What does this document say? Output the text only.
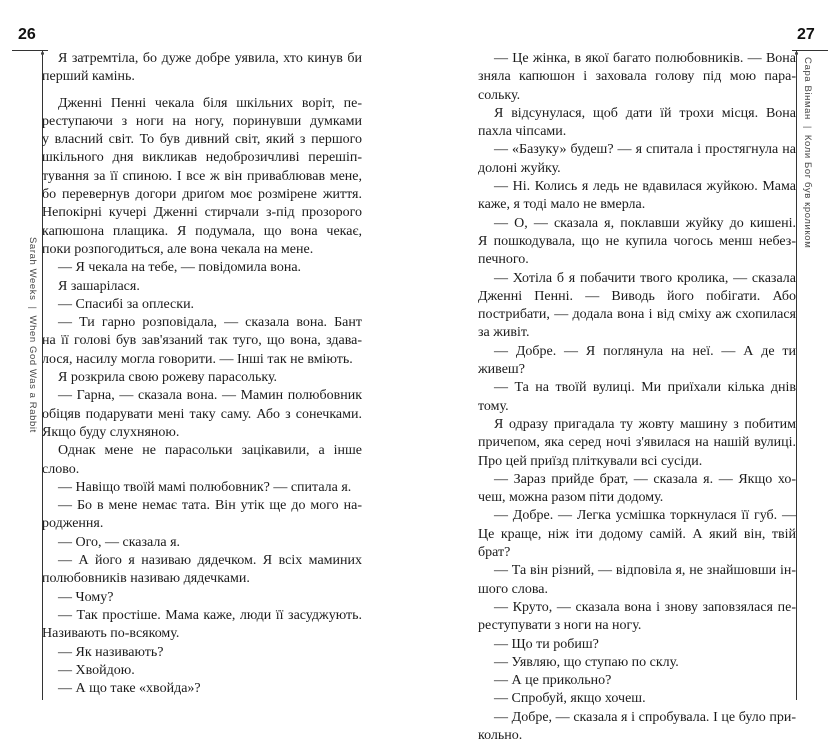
26
Sarah Weeks|When God Was a Rabbit

Я затремтіла, бо дуже добре уявила, хто кинув би

перший камінь.

Дженні Пенні чекала біля шкільних воріт, пе-

реступаючи з ноги на ногу, поринувши думками

у власний світ. То був дивний світ, який з першого

шкільного дня викликав недоброзичливі перешіп-

тування за її спиною. І все ж він приваблював мене,

бо перевернув догори дриґом моє розмірене життя.

Непокірні кучері Дженні стирчали з-під прозорого

капюшона плащика. Я подумала, що вона чекає,

поки розпогодиться, але вона чекала на мене.

— Я чекала на тебе, — повідомила вона.

Я зашарілася.

— Спасибі за оплески.

— Ти гарно розповідала, — сказала вона. Бант

на її голові був зав'язаний так туго, що вона, здава-

лося, насилу могла говорити. — Інші так не вміють.

Я розкрила свою рожеву парасольку.

— Гарна, — сказала вона. — Мамин полюбовник

обіцяв подарувати мені таку саму. Або з сонечками.

Якщо буду слухняною.

Однак мене не парасольки зацікавили, а інше

слово.

— Навіщо твоїй мамі полюбовник? — спитала я.

— Бо в мене немає тата. Він утік ще до мого на-

родження.

— Ого, — сказала я.

— А його я називаю дядечком. Я всіх маминих

полюбовників називаю дядечками.

— Чому?

— Так простіше. Мама каже, люди її засуджують.

Називають по-всякому.

— Як називають?

— Хвойдою.

— А що таке «хвойда»?

27
Сара Вінман|Коли Бог був кроликом

— Це жінка, в якої багато полюбовників. — Вона

зняла капюшон і заховала голову під мою пара-

сольку.

Я відсунулася, щоб дати їй трохи місця. Вона

пахла чіпсами.

— «Базуку» будеш? — я спитала і простягнула на

долоні жуйку.

— Ні. Колись я ледь не вдавилася жуйкою. Мама

каже, я тоді мало не вмерла.

— О, — сказала я, поклавши жуйку до кишені.

Я пошкодувала, що не купила чогось менш небез-

печного.

— Хотіла б я побачити твого кролика, — сказала

Дженні Пенні. — Виводь його побігати. Або пострибати, — додала вона і від сміху аж схопилася за живіт.

— Добре. — Я поглянула на неї. — А де ти живеш?

— Та на твоїй вулиці. Ми приїхали кілька днів

тому.

Я одразу пригадала ту жовту машину з побитим

причепом, яка серед ночі з'явилася на нашій вулиці.

Про цей приїзд пліткували всі сусіди.

— Зараз прийде брат, — сказала я. — Якщо хо-

чеш, можна разом піти додому.

— Добре. — Легка усмішка торкнулася її губ. —

Це краще, ніж іти додому самій. А який він, твій

брат?

— Та він різний, — відповіла я, не знайшовши ін-

шого слова.

— Круто, — сказала вона і знову заповзялася пе-

реступувати з ноги на ногу.

— Що ти робиш?

— Уявляю, що ступаю по склу.

— А це прикольно?

— Спробуй, якщо хочеш.

— Добре, — сказала я і спробувала. І це було при-

кольно.
